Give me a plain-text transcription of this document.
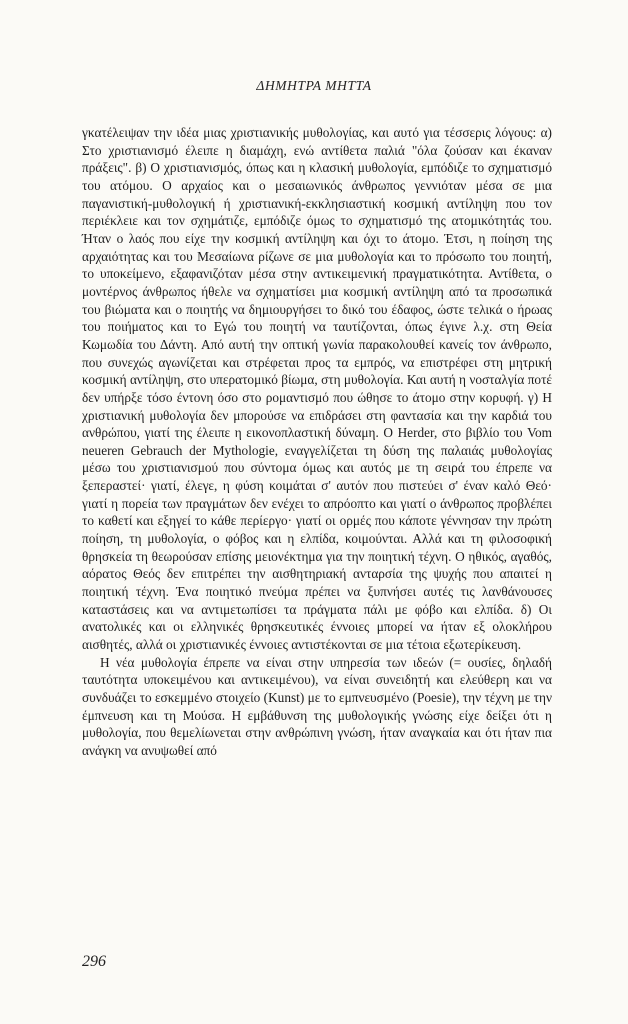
ΔΗΜΗΤΡΑ ΜΗΤΤΑ

γκατέλειψαν την ιδέα μιας χριστιανικής μυθολογίας, και αυτό για τέσσερις λόγους: α) Στο χριστιανισμό έλειπε η διαμάχη, ενώ αντίθετα παλιά "όλα ζούσαν και έκαναν πράξεις". β) Ο χριστιανισμός, όπως και η κλασική μυθολογία, εμπόδιζε το σχηματισμό του ατόμου. Ο αρχαίος και ο μεσαιωνικός άνθρωπος γεννιόταν μέσα σε μια παγανιστική-μυθολογική ή χριστιανική-εκκλησιαστική κοσμική αντίληψη που τον περιέκλειε και τον σχημάτιζε, εμπόδιζε όμως το σχηματισμό της ατομικότητάς του. Ήταν ο λαός που είχε την κοσμική αντίληψη και όχι το άτομο. Έτσι, η ποίηση της αρχαιότητας και του Μεσαίωνα ρίζωνε σε μια μυθολογία και το πρόσωπο του ποιητή, το υποκείμενο, εξαφανιζόταν μέσα στην αντικειμενική πραγματικότητα. Αντίθετα, ο μοντέρνος άνθρωπος ήθελε να σχηματίσει μια κοσμική αντίληψη από τα προσωπικά του βιώματα και ο ποιητής να δημιουργήσει το δικό του έδαφος, ώστε τελικά ο ήρωας του ποιήματος και το Εγώ του ποιητή να ταυτίζονται, όπως έγινε λ.χ. στη Θεία Κωμωδία του Δάντη. Από αυτή την οπτική γωνία παρακολουθεί κανείς τον άνθρωπο, που συνεχώς αγωνίζεται και στρέφεται προς τα εμπρός, να επιστρέφει στη μητρική κοσμική αντίληψη, στο υπερατομικό βίωμα, στη μυθολογία. Και αυτή η νοσταλγία ποτέ δεν υπήρξε τόσο έντονη όσο στο ρομαντισμό που ώθησε το άτομο στην κορυφή. γ) Η χριστιανική μυθολογία δεν μπορούσε να επιδράσει στη φαντασία και την καρδιά του ανθρώπου, γιατί της έλειπε η εικονοπλαστική δύναμη. Ο Herder, στο βιβλίο του Vom neueren Gebrauch der Mythologie, εναγγελίζεται τη δύση της παλαιάς μυθολογίας μέσω του χριστιανισμού που σύντομα όμως και αυτός με τη σειρά του έπρεπε να ξεπεραστεί· γιατί, έλεγε, η φύση κοιμάται σ' αυτόν που πιστεύει σ' έναν καλό Θεό· γιατί η πορεία των πραγμάτων δεν ενέχει το απρόοπτο και γιατί ο άνθρωπος προβλέπει το καθετί και εξηγεί το κάθε περίεργο· γιατί οι ορμές που κάποτε γέννησαν την πρώτη ποίηση, τη μυθολογία, ο φόβος και η ελπίδα, κοιμούνται. Αλλά και τη φιλοσοφική θρησκεία τη θεωρούσαν επίσης μειονέκτημα για την ποιητική τέχνη. Ο ηθικός, αγαθός, αόρατος Θεός δεν επιτρέπει την αισθητηριακή ανταρσία της ψυχής που απαιτεί η ποιητική τέχνη. Ένα ποιητικό πνεύμα πρέπει να ξυπνήσει αυτές τις λανθάνουσες καταστάσεις και να αντιμετωπίσει τα πράγματα πάλι με φόβο και ελπίδα. δ) Οι ανατολικές και οι ελληνικές θρησκευτικές έννοιες μπορεί να ήταν εξ ολοκλήρου αισθητές, αλλά οι χριστιανικές έννοιες αντιστέκονται σε μια τέτοια εξωτερίκευση.

Η νέα μυθολογία έπρεπε να είναι στην υπηρεσία των ιδεών (= ουσίες, δηλαδή ταυτότητα υποκειμένου και αντικειμένου), να είναι συνειδητή και ελεύθερη και να συνδυάζει το εσκεμμένο στοιχείο (Kunst) με το εμπνευσμένο (Poesie), την τέχνη με την έμπνευση και τη Μούσα. Η εμβάθυνση της μυθολογικής γνώσης είχε δείξει ότι η μυθολογία, που θεμελίωνεται στην ανθρώπινη γνώση, ήταν αναγκαία και ότι ήταν πια ανάγκη να ανυψωθεί από

296
